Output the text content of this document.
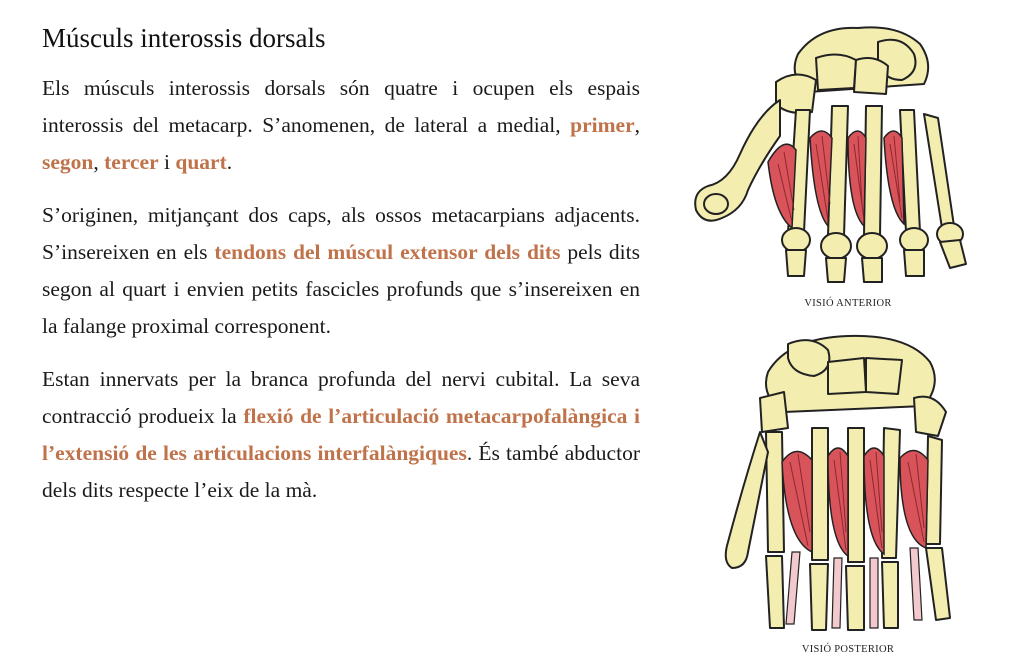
Músculs interossis dorsals

Els músculs interossis dorsals són quatre i ocupen els espais interossis del metacarp. S’anomenen, de lateral a medial, primer, segon, tercer i quart.

S’originen, mitjançant dos caps, als ossos metacarpians adjacents. S’insereixen en els tendons del múscul extensor dels dits pels dits segon al quart i envien petits fascicles profunds que s’insereixen en la falange proximal corresponent.

Estan innervats per la branca profunda del nervi cubital. La seva contracció produeix la flexió de l’articulació metacarpofalàngica i l’extensió de les articulacions interfalàngiques. És també abductor dels dits respecte l’eix de la mà.

VISIÓ ANTERIOR
VISIÓ POSTERIOR
